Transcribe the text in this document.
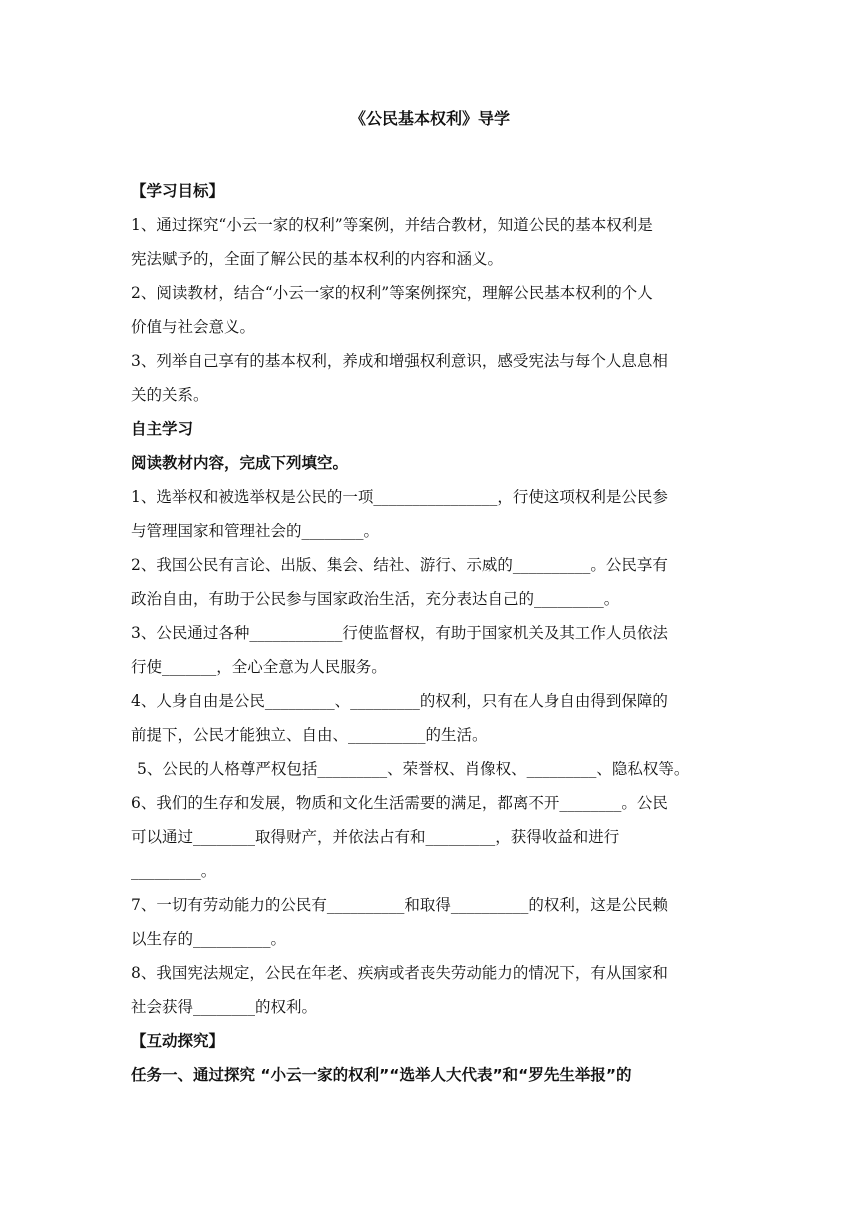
《公民基本权利》导学
【学习目标】
1、通过探究“小云一家的权利”等案例，并结合教材，知道公民的基本权利是
宪法赋予的，全面了解公民的基本权利的内容和涵义。
2、阅读教材，结合“小云一家的权利”等案例探究，理解公民基本权利的个人
价值与社会意义。
3、列举自己享有的基本权利，养成和增强权利意识，感受宪法与每个人息息相
关的关系。
自主学习
阅读教材内容，完成下列填空。
1、选举权和被选举权是公民的一项________________，行使这项权利是公民参
与管理国家和管理社会的________。
2、我国公民有言论、出版、集会、结社、游行、示威的__________。公民享有
政治自由，有助于公民参与国家政治生活，充分表达自己的_________。
3、公民通过各种____________行使监督权，有助于国家机关及其工作人员依法
行使_______，全心全意为人民服务。
4、人身自由是公民_________、_________的权利，只有在人身自由得到保障的
前提下，公民才能独立、自由、__________的生活。
5、公民的人格尊严权包括_________、荣誉权、肖像权、_________、隐私权等。
6、我们的生存和发展，物质和文化生活需要的满足，都离不开________。公民
可以通过________取得财产，并依法占有和_________，获得收益和进行
_________。
7、一切有劳动能力的公民有__________和取得__________的权利，这是公民赖
以生存的__________。
8、我国宪法规定，公民在年老、疾病或者丧失劳动能力的情况下，有从国家和
社会获得________的权利。
【互动探究】
任务一、通过探究 “小云一家的权利”“选举人大代表”和“罗先生举报”的
